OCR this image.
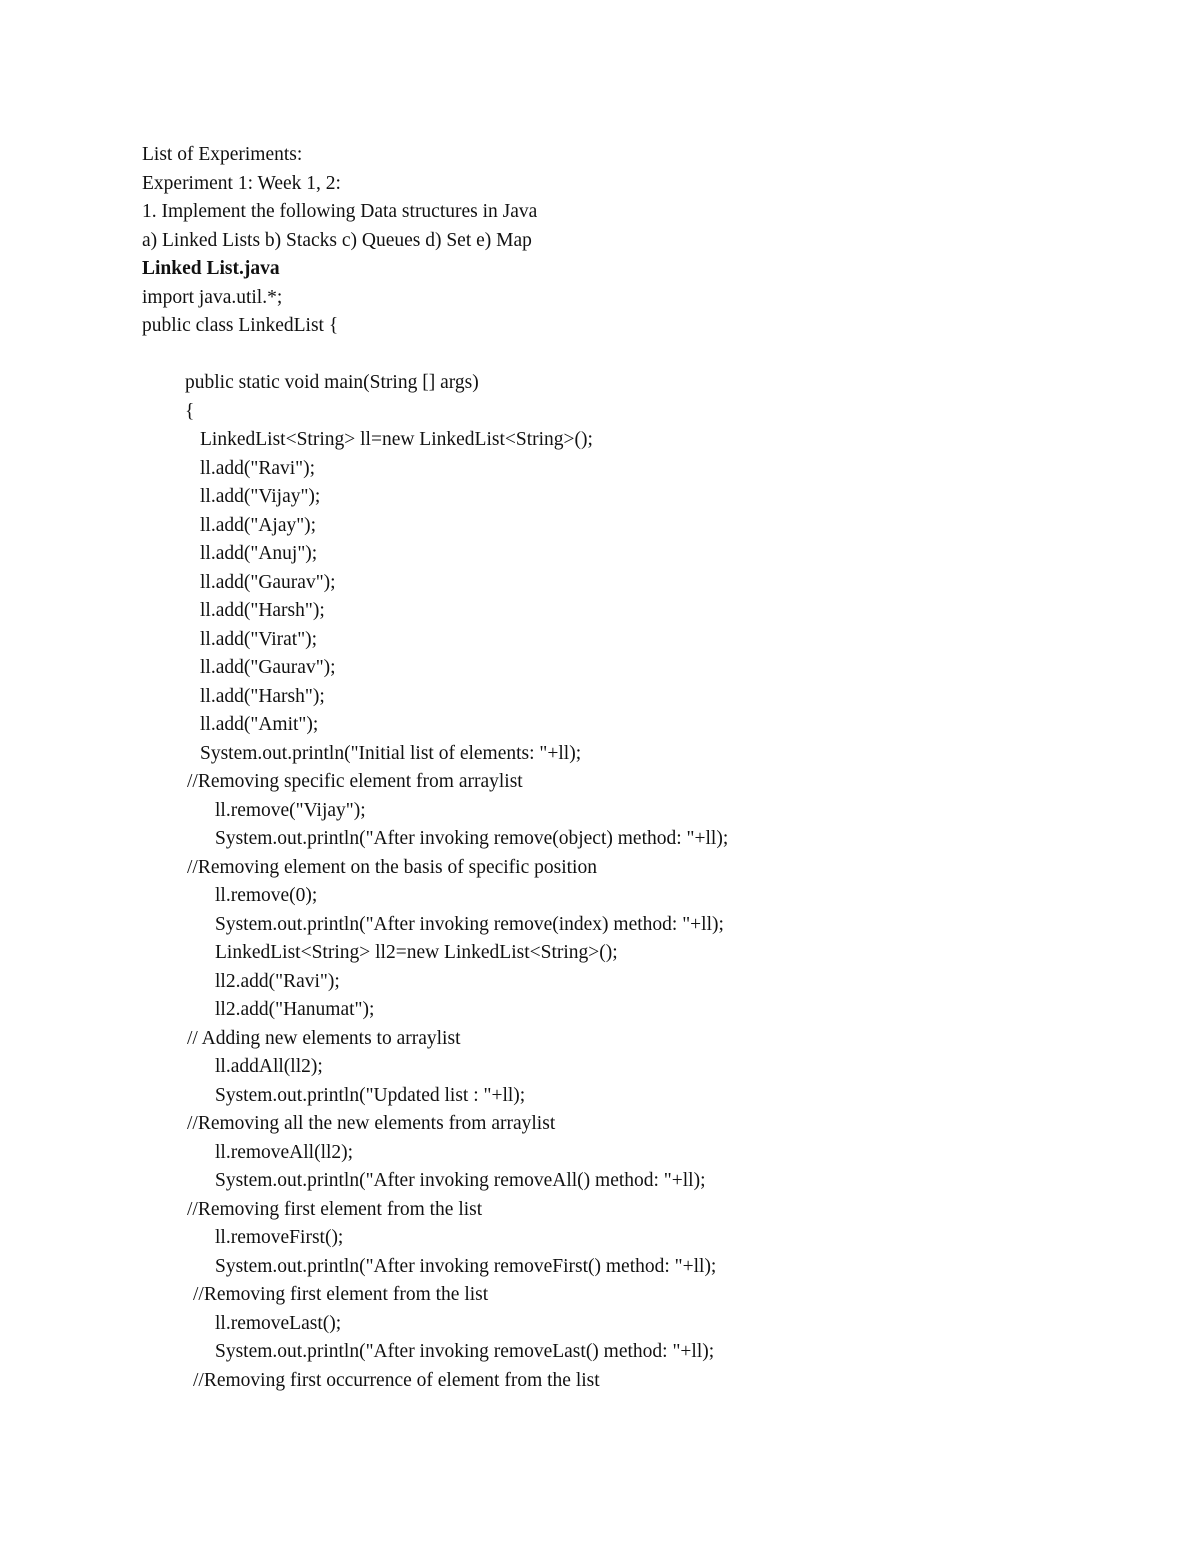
List of Experiments:
Experiment 1: Week 1, 2:
1. Implement the following Data structures in Java
a) Linked Lists b) Stacks c) Queues d) Set e) Map
Linked List.java
import java.util.*;
public class LinkedList {
public static void main(String [] args)
{
LinkedList<String> ll=new LinkedList<String>();
ll.add("Ravi");
ll.add("Vijay");
ll.add("Ajay");
ll.add("Anuj");
ll.add("Gaurav");
ll.add("Harsh");
ll.add("Virat");
ll.add("Gaurav");
ll.add("Harsh");
ll.add("Amit");
System.out.println("Initial list of elements: "+ll);
//Removing specific element from arraylist
ll.remove("Vijay");
System.out.println("After invoking remove(object) method: "+ll);
//Removing element on the basis of specific position
ll.remove(0);
System.out.println("After invoking remove(index) method: "+ll);
LinkedList<String> ll2=new LinkedList<String>();
ll2.add("Ravi");
ll2.add("Hanumat");
// Adding new elements to arraylist
ll.addAll(ll2);
System.out.println("Updated list : "+ll);
//Removing all the new elements from arraylist
ll.removeAll(ll2);
System.out.println("After invoking removeAll() method: "+ll);
//Removing first element from the list
ll.removeFirst();
System.out.println("After invoking removeFirst() method: "+ll);
//Removing first element from the list
ll.removeLast();
System.out.println("After invoking removeLast() method: "+ll);
//Removing first occurrence of element from the list
